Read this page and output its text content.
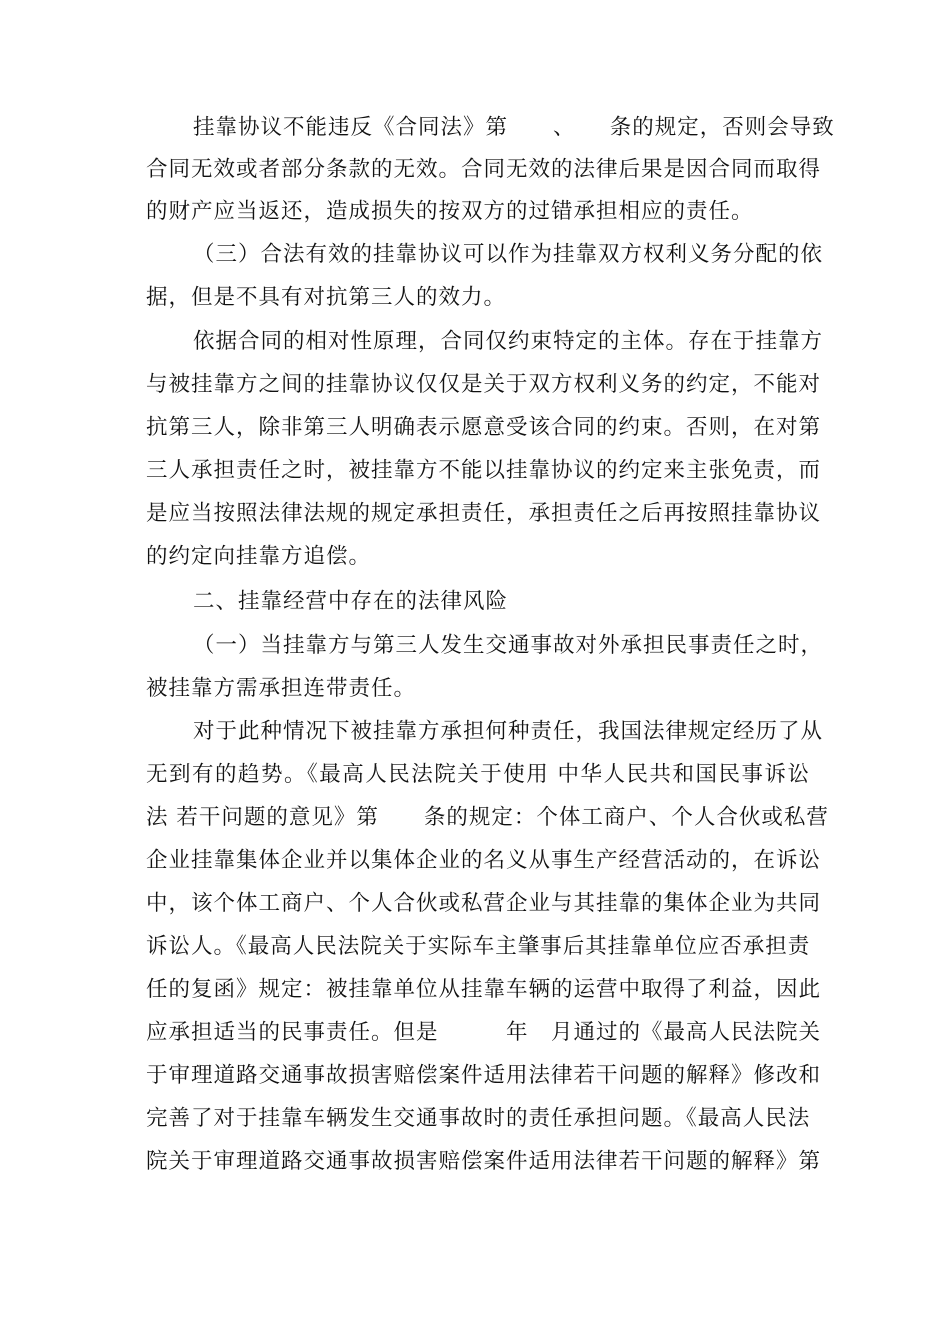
挂靠协议不能违反《合同法》第　　、　　条的规定，否则会导致
合同无效或者部分条款的无效。合同无效的法律后果是因合同而取得
的财产应当返还，造成损失的按双方的过错承担相应的责任。
（三）合法有效的挂靠协议可以作为挂靠双方权利义务分配的依
据，但是不具有对抗第三人的效力。
依据合同的相对性原理，合同仅约束特定的主体。存在于挂靠方
与被挂靠方之间的挂靠协议仅仅是关于双方权利义务的约定，不能对
抗第三人，除非第三人明确表示愿意受该合同的约束。否则，在对第
三人承担责任之时，被挂靠方不能以挂靠协议的约定来主张免责，而
是应当按照法律法规的规定承担责任，承担责任之后再按照挂靠协议
的约定向挂靠方追偿。
二、挂靠经营中存在的法律风险
（一）当挂靠方与第三人发生交通事故对外承担民事责任之时，
被挂靠方需承担连带责任。
对于此种情况下被挂靠方承担何种责任，我国法律规定经历了从
无到有的趋势。《最高人民法院关于使用 中华人民共和国民事诉讼
法 若干问题的意见》第　　条的规定：个体工商户、个人合伙或私营
企业挂靠集体企业并以集体企业的名义从事生产经营活动的，在诉讼
中，该个体工商户、个人合伙或私营企业与其挂靠的集体企业为共同
诉讼人。《最高人民法院关于实际车主肇事后其挂靠单位应否承担责
任的复函》规定：被挂靠单位从挂靠车辆的运营中取得了利益，因此
应承担适当的民事责任。但是　　　年　月通过的《最高人民法院关
于审理道路交通事故损害赔偿案件适用法律若干问题的解释》修改和
完善了对于挂靠车辆发生交通事故时的责任承担问题。《最高人民法
院关于审理道路交通事故损害赔偿案件适用法律若干问题的解释》第
